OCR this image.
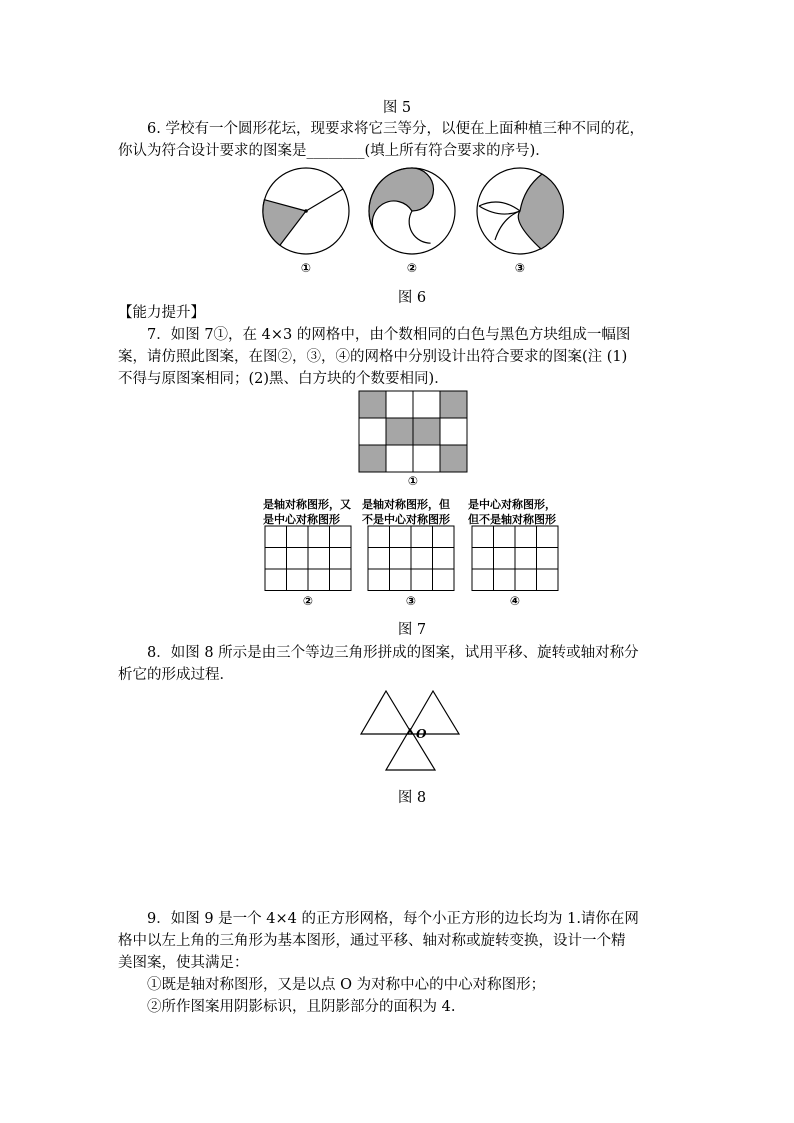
图 5
6. 学校有一个圆形花坛，现要求将它三等分，以便在上面种植三种不同的花，
你认为符合设计要求的图案是________(填上所有符合要求的序号)．
①	②	③
图 6
【能力提升】
7．如图 7①，在 4×3 的网格中，由个数相同的白色与黑色方块组成一幅图
案，请仿照此图案，在图②，③，④的网格中分别设计出符合要求的图案(注 (1)
不得与原图案相同；(2)黑、白方块的个数要相同)．
①
是轴对称图形，又
是中心对称图形
是轴对称图形，但
不是中心对称图形
是中心对称图形，
但不是轴对称图形
②	③	④
图 7
8．如图 8 所示是由三个等边三角形拼成的图案，试用平移、旋转或轴对称分
析它的形成过程．
O
图 8
9．如图 9 是一个 4×4 的正方形网格，每个小正方形的边长均为 1.请你在网
格中以左上角的三角形为基本图形，通过平移、轴对称或旋转变换，设计一个精
美图案，使其满足：
①既是轴对称图形，又是以点 O 为对称中心的中心对称图形；
②所作图案用阴影标识，且阴影部分的面积为 4.
